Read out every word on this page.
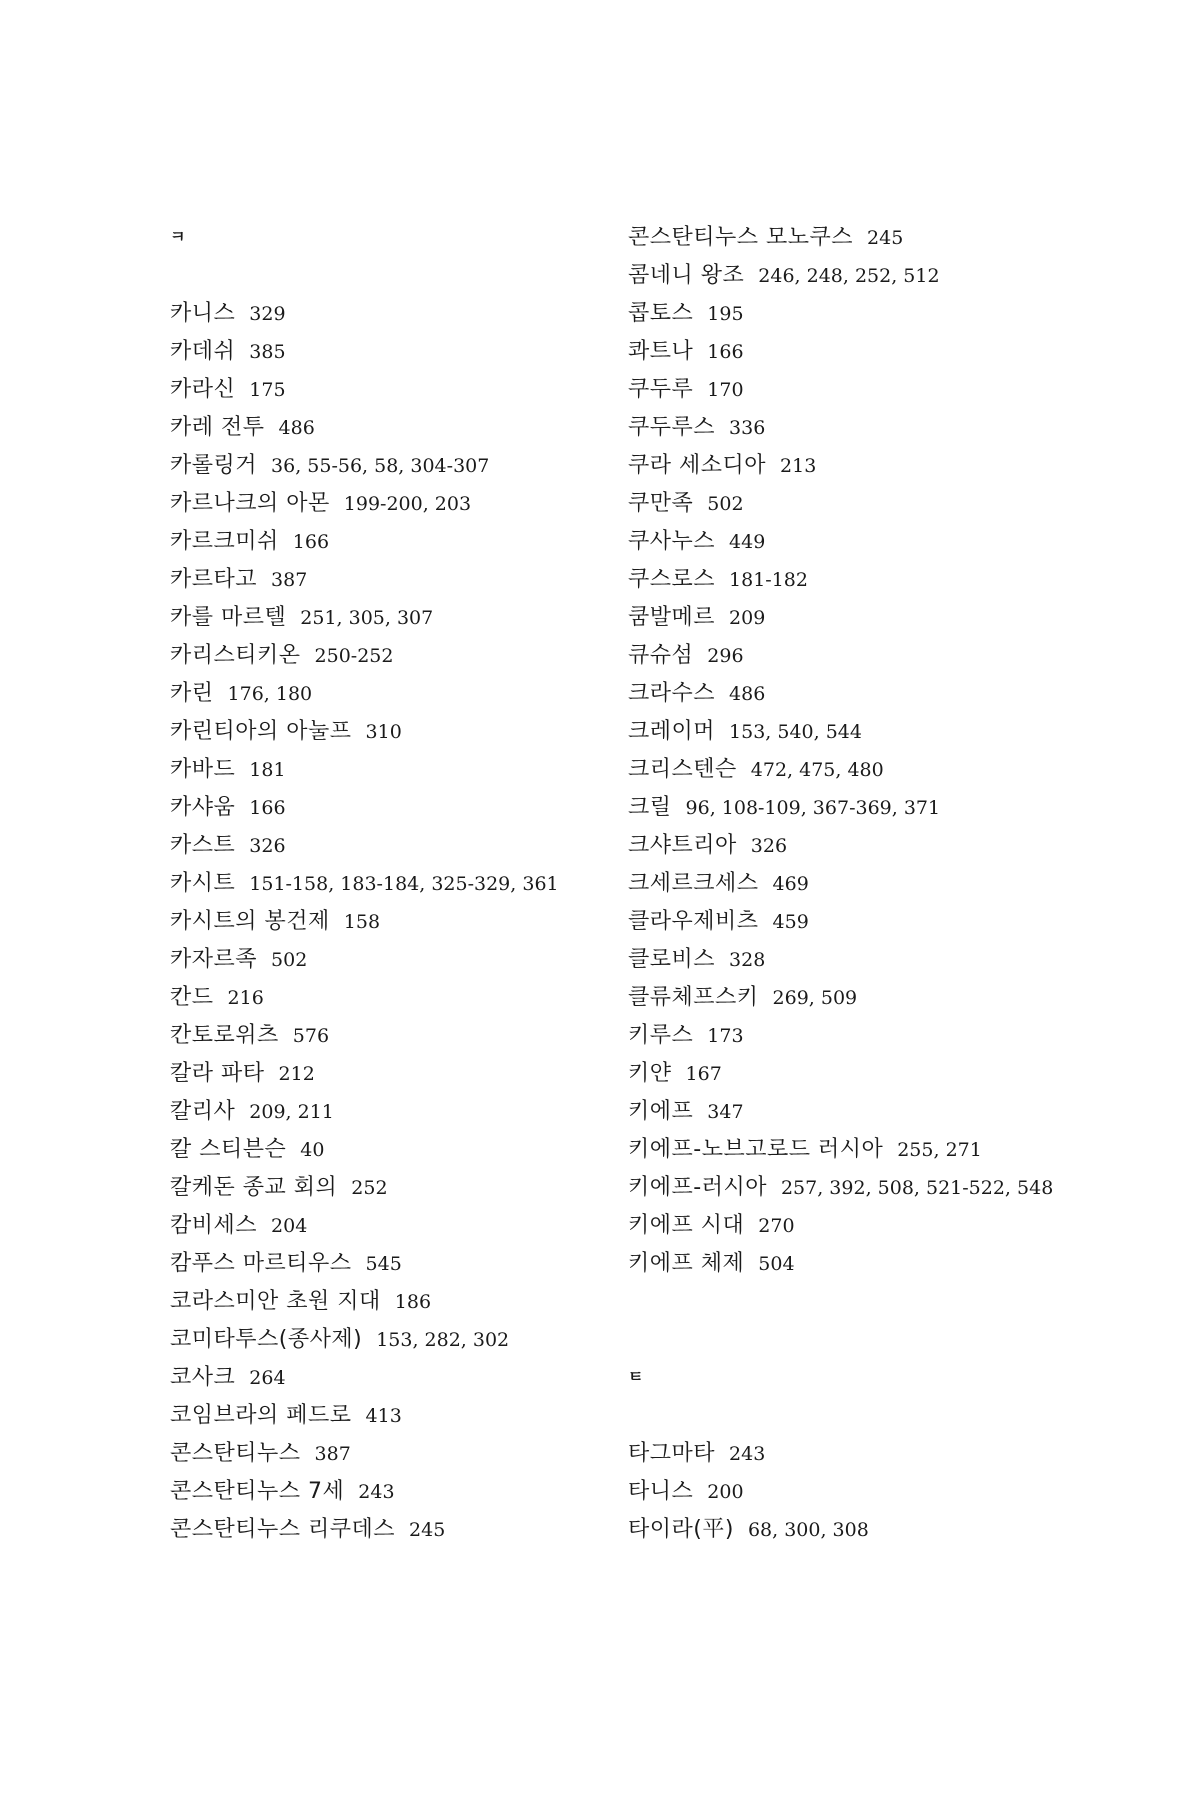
ㅋ
카니스 329
카데쉬 385
카라신 175
카레 전투 486
카롤링거 36, 55-56, 58, 304-307
카르나크의 아몬 199-200, 203
카르크미쉬 166
카르타고 387
카를 마르텔 251, 305, 307
카리스티키온 250-252
카린 176, 180
카린티아의 아눌프 310
카바드 181
카샤움 166
카스트 326
카시트 151-158, 183-184, 325-329, 361
카시트의 봉건제 158
카자르족 502
칸드 216
칸토로위츠 576
칼라 파타 212
칼리사 209, 211
칼 스티븐슨 40
칼케돈 종교 회의 252
캄비세스 204
캄푸스 마르티우스 545
코라스미안 초원 지대 186
코미타투스(종사제) 153, 282, 302
코사크 264
코임브라의 페드로 413
콘스탄티누스 387
콘스탄티누스 7세 243
콘스탄티누스 리쿠데스 245
콘스탄티누스 모노쿠스 245
콤네니 왕조 246, 248, 252, 512
콥토스 195
콰트나 166
쿠두루 170
쿠두루스 336
쿠라 세소디아 213
쿠만족 502
쿠사누스 449
쿠스로스 181-182
쿰발메르 209
큐슈섬 296
크라수스 486
크레이머 153, 540, 544
크리스텐슨 472, 475, 480
크릴 96, 108-109, 367-369, 371
크샤트리아 326
크세르크세스 469
클라우제비츠 459
클로비스 328
클류체프스키 269, 509
키루스 173
키얀 167
키에프 347
키에프-노브고로드 러시아 255, 271
키에프-러시아 257, 392, 508, 521-522, 548
키에프 시대 270
키에프 체제 504
ㅌ
타그마타 243
타니스 200
타이라(平) 68, 300, 308
